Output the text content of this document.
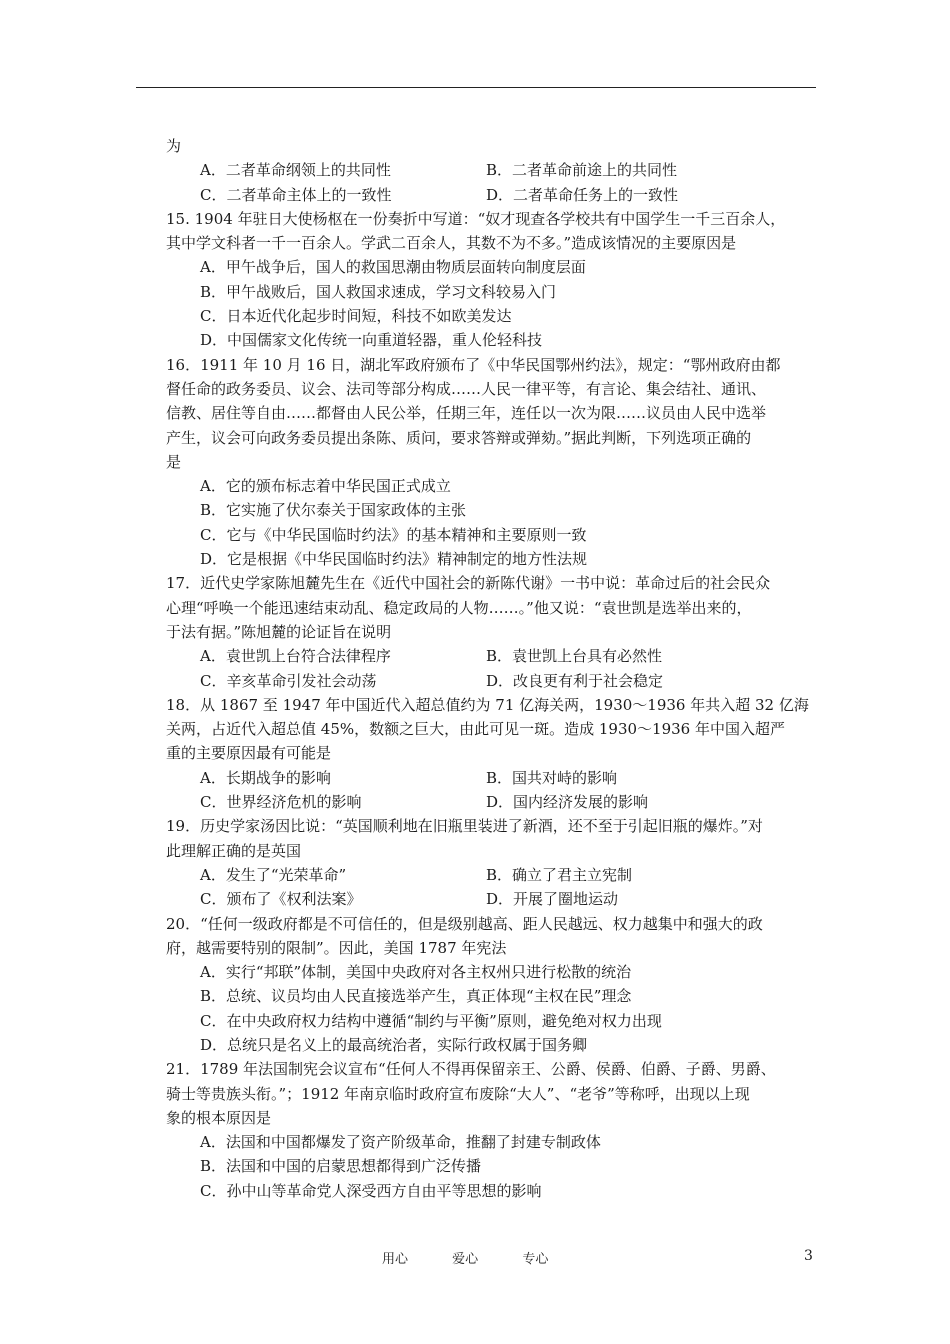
为
A．二者革命纲领上的共同性	B．二者革命前途上的共同性
C．二者革命主体上的一致性	D．二者革命任务上的一致性
15. 1904 年驻日大使杨枢在一份奏折中写道：“奴才现查各学校共有中国学生一千三百余人，
其中学文科者一千一百余人。学武二百余人，其数不为不多。”造成该情况的主要原因是
A．甲午战争后，国人的救国思潮由物质层面转向制度层面
B．甲午战败后，国人救国求速成，学习文科较易入门
C．日本近代化起步时间短，科技不如欧美发达
D．中国儒家文化传统一向重道轻器，重人伦轻科技
16．1911 年 10 月 16 日，湖北军政府颁布了《中华民国鄂州约法》，规定：“鄂州政府由都
督任命的政务委员、议会、法司等部分构成……人民一律平等，有言论、集会结社、通讯、
信教、居住等自由……都督由人民公举，任期三年，连任以一次为限……议员由人民中选举
产生，议会可向政务委员提出条陈、质问，要求答辩或弹劾。”据此判断，下列选项正确的
是
A．它的颁布标志着中华民国正式成立
B．它实施了伏尔泰关于国家政体的主张
C．它与《中华民国临时约法》的基本精神和主要原则一致
D．它是根据《中华民国临时约法》精神制定的地方性法规
17．近代史学家陈旭麓先生在《近代中国社会的新陈代谢》一书中说：革命过后的社会民众
心理“呼唤一个能迅速结束动乱、稳定政局的人物……。”他又说：“袁世凯是选举出来的，
于法有据。”陈旭麓的论证旨在说明
A．袁世凯上台符合法律程序	B．袁世凯上台具有必然性
C．辛亥革命引发社会动荡	D．改良更有利于社会稳定
18．从 1867 至 1947 年中国近代入超总值约为 71 亿海关两，1930～1936 年共入超 32 亿海
关两，占近代入超总值 45%，数额之巨大，由此可见一斑。造成 1930～1936 年中国入超严
重的主要原因最有可能是
A．长期战争的影响	B．国共对峙的影响
C．世界经济危机的影响	D．国内经济发展的影响
19．历史学家汤因比说：“英国顺利地在旧瓶里装进了新酒，还不至于引起旧瓶的爆炸。”对
此理解正确的是英国
A．发生了“光荣革命”	B．确立了君主立宪制
C．颁布了《权利法案》	D．开展了圈地运动
20．“任何一级政府都是不可信任的，但是级别越高、距人民越远、权力越集中和强大的政
府，越需要特别的限制”。因此，美国 1787 年宪法
A．实行“邦联”体制，美国中央政府对各主权州只进行松散的统治
B．总统、议员均由人民直接选举产生，真正体现“主权在民”理念
C．在中央政府权力结构中遵循“制约与平衡”原则，避免绝对权力出现
D．总统只是名义上的最高统治者，实际行政权属于国务卿
21．1789 年法国制宪会议宣布“任何人不得再保留亲王、公爵、侯爵、伯爵、子爵、男爵、
骑士等贵族头衔。”；1912 年南京临时政府宣布废除“大人”、“老爷”等称呼，出现以上现
象的根本原因是
A．法国和中国都爆发了资产阶级革命，推翻了封建专制政体
B．法国和中国的启蒙思想都得到广泛传播
C．孙中山等革命党人深受西方自由平等思想的影响
用心	爱心	专心	3
